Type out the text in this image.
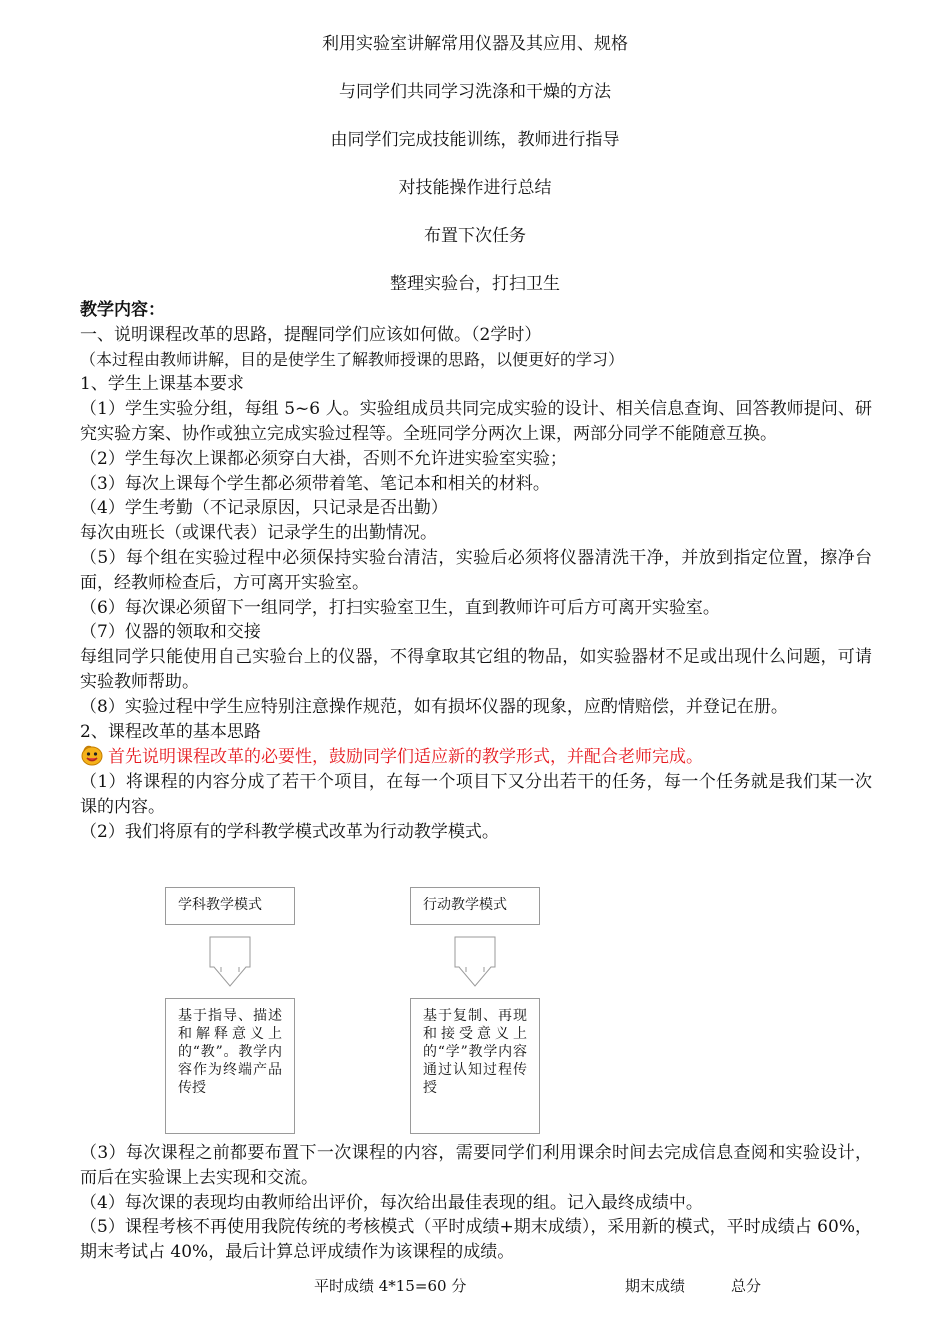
利用实验室讲解常用仪器及其应用、规格
与同学们共同学习洗涤和干燥的方法
由同学们完成技能训练，教师进行指导
对技能操作进行总结
布置下次任务
整理实验台，打扫卫生

教学内容：

一、说明课程改革的思路，提醒同学们应该如何做。（2学时）

（本过程由教师讲解，目的是使学生了解教师授课的思路，以便更好的学习）

1、学生上课基本要求

（1）学生实验分组，每组 5~6 人。实验组成员共同完成实验的设计、相关信息查询、回答教师提问、研究实验方案、协作或独立完成实验过程等。全班同学分两次上课，两部分同学不能随意互换。

（2）学生每次上课都必须穿白大褂，否则不允许进实验室实验；

（3）每次上课每个学生都必须带着笔、笔记本和相关的材料。

（4）学生考勤（不记录原因，只记录是否出勤）

每次由班长（或课代表）记录学生的出勤情况。

（5）每个组在实验过程中必须保持实验台清洁，实验后必须将仪器清洗干净，并放到指定位置，擦净台面，经教师检查后，方可离开实验室。

（6）每次课必须留下一组同学，打扫实验室卫生，直到教师许可后方可离开实验室。

（7）仪器的领取和交接

每组同学只能使用自己实验台上的仪器，不得拿取其它组的物品，如实验器材不足或出现什么问题，可请实验教师帮助。

（8）实验过程中学生应特别注意操作规范，如有损坏仪器的现象，应酌情赔偿，并登记在册。

2、课程改革的基本思路

首先说明课程改革的必要性，鼓励同学们适应新的教学形式，并配合老师完成。

（1）将课程的内容分成了若干个项目，在每一个项目下又分出若干的任务，每一个任务就是我们某一次课的内容。

（2）我们将原有的学科教学模式改革为行动教学模式。

学科教学模式	行动教学模式
基于指导、描述和解释意义上的“教”。教学内容作为终端产品传授
基于复制、再现和接受意义上的“学”教学内容通过认知过程传授

（3）每次课程之前都要布置下一次课程的内容，需要同学们利用课余时间去完成信息查阅和实验设计，而后在实验课上去实现和交流。

（4）每次课的表现均由教师给出评价，每次给出最佳表现的组。记入最终成绩中。

（5）课程考核不再使用我院传统的考核模式（平时成绩+期末成绩），采用新的模式，平时成绩占 60%，期末考试占 40%，最后计算总评成绩作为该课程的成绩。

平时成绩 4*15=60 分	期末成绩	总分
